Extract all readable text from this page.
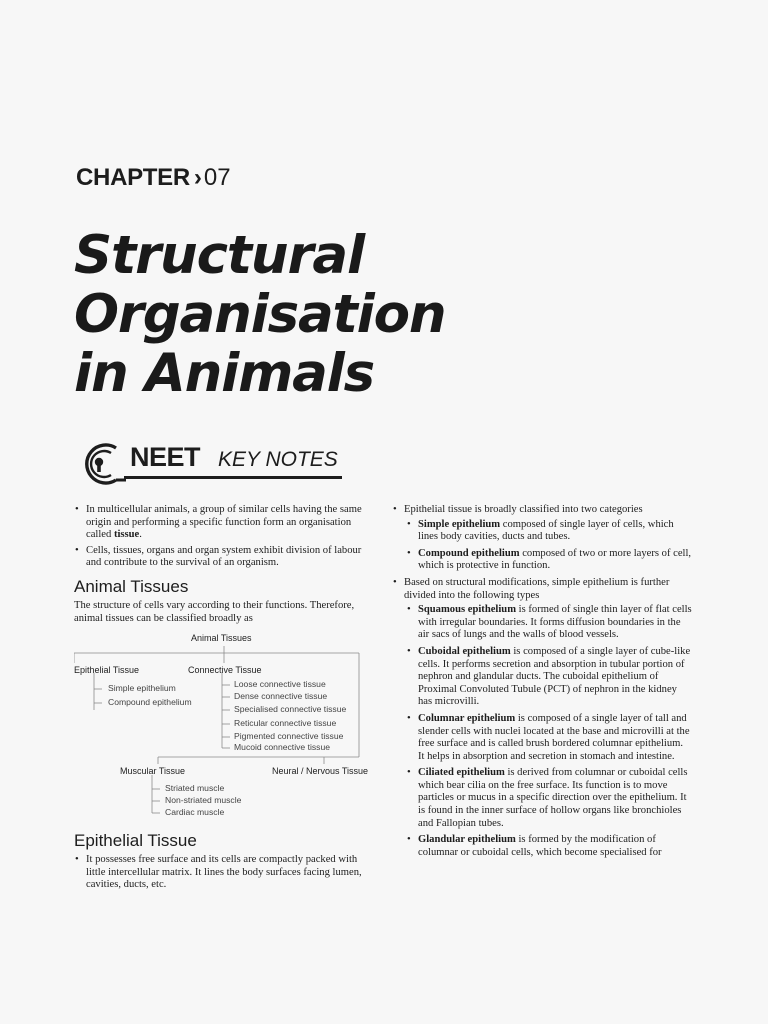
CHAPTER ›07
Structural
Organisation
in Animals
NEET KEY NOTES
• In multicellular animals, a group of similar cells having the same origin and performing a specific function form an organisation called tissue.
• Cells, tissues, organs and organ system exhibit division of labour and contribute to the survival of an organism.
Animal Tissues

The structure of cells vary according to their functions. Therefore, animal tissues can be classified broadly as

Animal Tissues
Epithelial Tissue
Simple epithelium
Compound epithelium
Connective Tissue
Loose connective tissue
Dense connective tissue
Specialised connective tissue
Reticular connective tissue
Pigmented connective tissue
Mucoid connective tissue
Muscular Tissue
Striated muscle
Non-striated muscle
Cardiac muscle
Neural / Nervous Tissue
Epithelial Tissue
• It possesses free surface and its cells are compactly packed with little intercellular matrix. It lines the body surfaces facing lumen, cavities, ducts, etc.
• Epithelial tissue is broadly classified into two categories
• Simple epithelium composed of single layer of cells, which lines body cavities, ducts and tubes.
• Compound epithelium composed of two or more layers of cell, which is protective in function.
• Based on structural modifications, simple epithelium is further divided into the following types
• Squamous epithelium is formed of single thin layer of flat cells with irregular boundaries. It forms diffusion boundaries in the air sacs of lungs and the walls of blood vessels.
• Cuboidal epithelium is composed of a single layer of cube-like cells. It performs secretion and absorption in tubular portion of nephron and glandular ducts. The cuboidal epithelium of Proximal Convoluted Tubule (PCT) of nephron in the kidney has microvilli.
• Columnar epithelium is composed of a single layer of tall and slender cells with nuclei located at the base and microvilli at the free surface and is called brush bordered columnar epithelium. It helps in absorption and secretion in stomach and intestine.
• Ciliated epithelium is derived from columnar or cuboidal cells which bear cilia on the free surface. Its function is to move particles or mucus in a specific direction over the epithelium. It is found in the inner surface of hollow organs like bronchioles and Fallopian tubes.
• Glandular epithelium is formed by the modification of columnar or cuboidal cells, which become specialised for
